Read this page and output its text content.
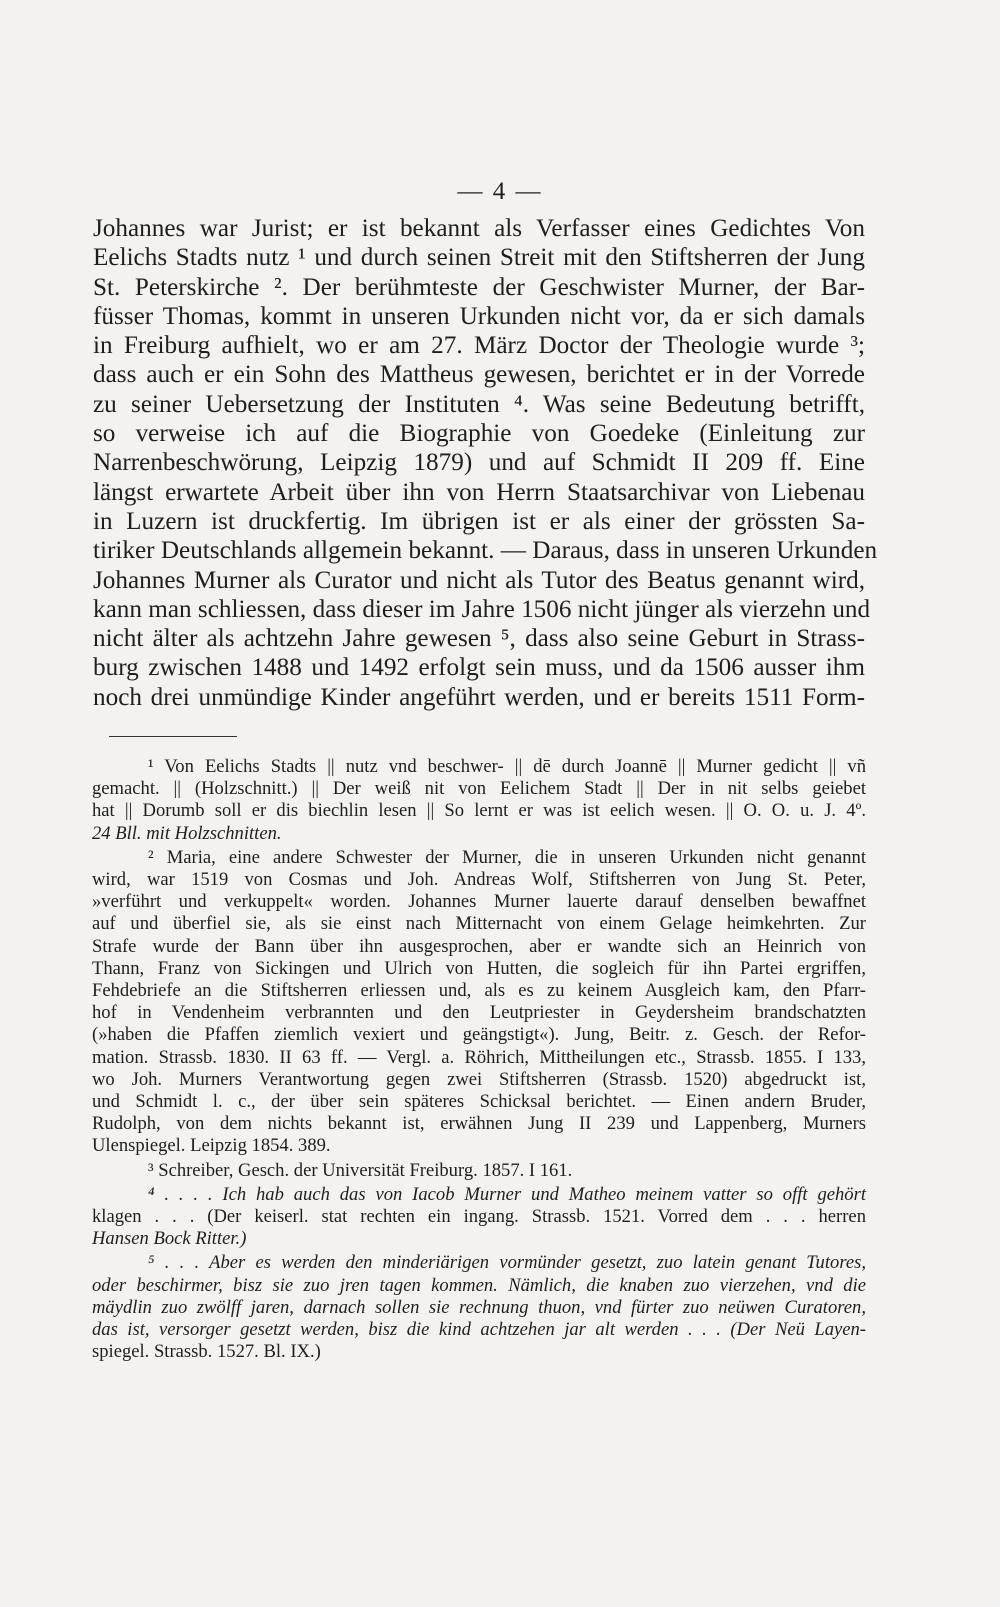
— 4 —
Johannes war Jurist; er ist bekannt als Verfasser eines Gedichtes Von
Eelichs Stadts nutz ¹ und durch seinen Streit mit den Stiftsherren der Jung
St. Peterskirche ². Der berühmteste der Geschwister Murner, der Bar-
füsser Thomas, kommt in unseren Urkunden nicht vor, da er sich damals
in Freiburg aufhielt, wo er am 27. März Doctor der Theologie wurde ³;
dass auch er ein Sohn des Mattheus gewesen, berichtet er in der Vorrede
zu seiner Uebersetzung der Instituten ⁴. Was seine Bedeutung betrifft,
so verweise ich auf die Biographie von Goedeke (Einleitung zur
Narrenbeschwörung, Leipzig 1879) und auf Schmidt II 209 ff. Eine
längst erwartete Arbeit über ihn von Herrn Staatsarchivar von Liebenau
in Luzern ist druckfertig. Im übrigen ist er als einer der grössten Sa-
tiriker Deutschlands allgemein bekannt. — Daraus, dass in unseren Urkunden
Johannes Murner als Curator und nicht als Tutor des Beatus genannt wird,
kann man schliessen, dass dieser im Jahre 1506 nicht jünger als vierzehn und
nicht älter als achtzehn Jahre gewesen ⁵, dass also seine Geburt in Strass-
burg zwischen 1488 und 1492 erfolgt sein muss, und da 1506 ausser ihm
noch drei unmündige Kinder angeführt werden, und er bereits 1511 Form-
¹ Von Eelichs Stadts || nutz vnd beschwer- || dē durch Joannē || Murner gedicht || vñ
gemacht. || (Holzschnitt.) || Der weiß nit von Eelichem Stadt || Der in nit selbs geiebet
hat || Dorumb soll er dis biechlin lesen || So lernt er was ist eelich wesen. || O. O. u. J. 4º.
24 Bll. mit Holzschnitten.
² Maria, eine andere Schwester der Murner, die in unseren Urkunden nicht genannt
wird, war 1519 von Cosmas und Joh. Andreas Wolf, Stiftsherren von Jung St. Peter,
»verführt und verkuppelt« worden. Johannes Murner lauerte darauf denselben bewaffnet
auf und überfiel sie, als sie einst nach Mitternacht von einem Gelage heimkehrten. Zur
Strafe wurde der Bann über ihn ausgesprochen, aber er wandte sich an Heinrich von
Thann, Franz von Sickingen und Ulrich von Hutten, die sogleich für ihn Partei ergriffen,
Fehdebriefe an die Stiftsherren erliessen und, als es zu keinem Ausgleich kam, den Pfarr-
hof in Vendenheim verbrannten und den Leutpriester in Geydersheim brandschatzten
(»haben die Pfaffen ziemlich vexiert und geängstigt«). Jung, Beitr. z. Gesch. der Refor-
mation. Strassb. 1830. II 63 ff. — Vergl. a. Röhrich, Mittheilungen etc., Strassb. 1855. I 133,
wo Joh. Murners Verantwortung gegen zwei Stiftsherren (Strassb. 1520) abgedruckt ist,
und Schmidt l. c., der über sein späteres Schicksal berichtet. — Einen andern Bruder,
Rudolph, von dem nichts bekannt ist, erwähnen Jung II 239 und Lappenberg, Murners
Ulenspiegel. Leipzig 1854. 389.
³ Schreiber, Gesch. der Universität Freiburg. 1857. I 161.
⁴ . . . . Ich hab auch das von Iacob Murner und Matheo meinem vatter so offt gehört
klagen . . . (Der keiserl. stat rechten ein ingang. Strassb. 1521. Vorred dem . . . herren
Hansen Bock Ritter.)
⁵ . . . Aber es werden den minderiärigen vormünder gesetzt, zuo latein genant Tutores,
oder beschirmer, bisz sie zuo jren tagen kommen. Nämlich, die knaben zuo vierzehen, vnd die
mäydlin zuo zwölff jaren, darnach sollen sie rechnung thuon, vnd fürter zuo neüwen Curatoren,
das ist, versorger gesetzt werden, bisz die kind achtzehen jar alt werden . . . (Der Neü Layen-
spiegel. Strassb. 1527. Bl. IX.)
